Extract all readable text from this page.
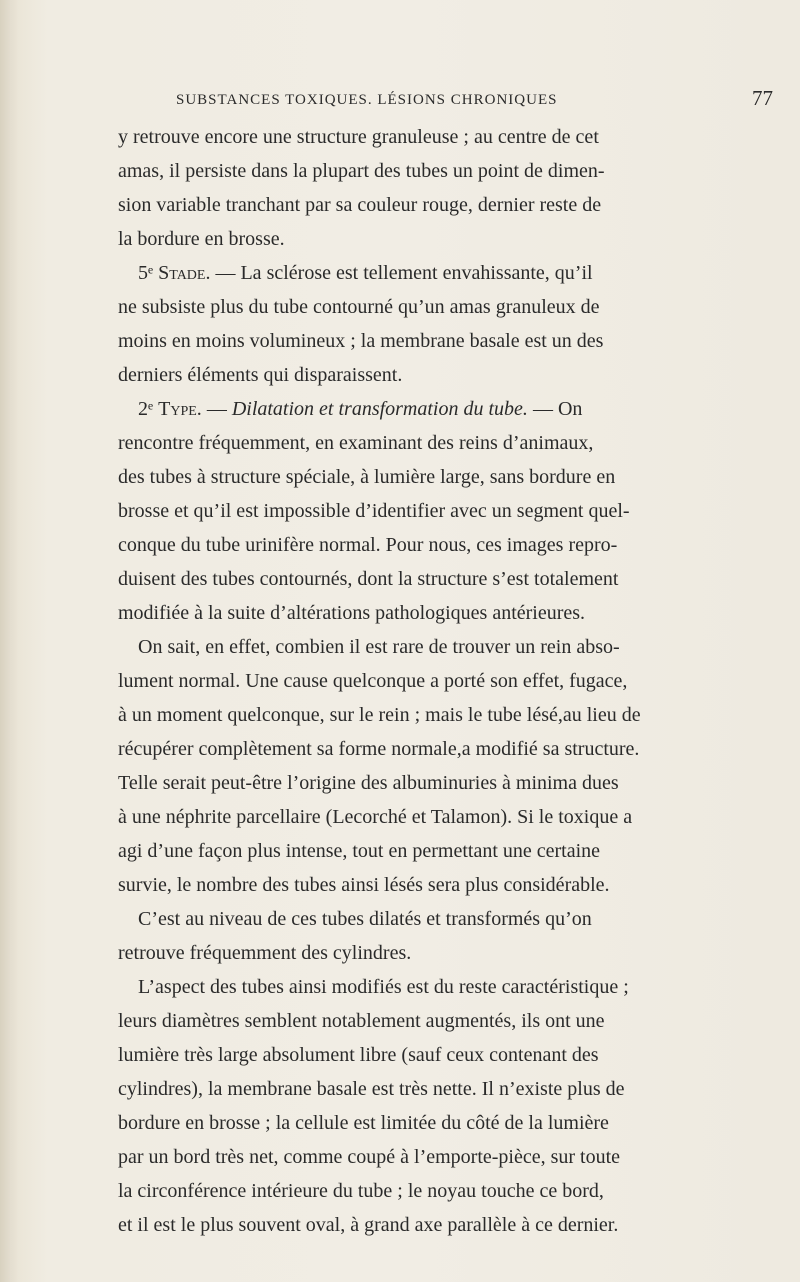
SUBSTANCES TOXIQUES. LÉSIONS CHRONIQUES	77
y retrouve encore une structure granuleuse ; au centre de cet
amas, il persiste dans la plupart des tubes un point de dimen-
sion variable tranchant par sa couleur rouge, dernier reste de
la bordure en brosse.
5ᵉ Stade. — La sclérose est tellement envahissante, qu’il
ne subsiste plus du tube contourné qu’un amas granuleux de
moins en moins volumineux ; la membrane basale est un des
derniers éléments qui disparaissent.
2ᵉ Type. — Dilatation et transformation du tube. — On
rencontre fréquemment, en examinant des reins d’animaux,
des tubes à structure spéciale, à lumière large, sans bordure en
brosse et qu’il est impossible d’identifier avec un segment quel-
conque du tube urinifère normal. Pour nous, ces images repro-
duisent des tubes contournés, dont la structure s’est totalement
modifiée à la suite d’altérations pathologiques antérieures.
On sait, en effet, combien il est rare de trouver un rein abso-
lument normal. Une cause quelconque a porté son effet, fugace,
à un moment quelconque, sur le rein ; mais le tube lésé,au lieu de
récupérer complètement sa forme normale,a modifié sa structure.
Telle serait peut-être l’origine des albuminuries à minima dues
à une néphrite parcellaire (Lecorché et Talamon). Si le toxique a
agi d’une façon plus intense, tout en permettant une certaine
survie, le nombre des tubes ainsi lésés sera plus considérable.
C’est au niveau de ces tubes dilatés et transformés qu’on
retrouve fréquemment des cylindres.
L’aspect des tubes ainsi modifiés est du reste caractéristique ;
leurs diamètres semblent notablement augmentés, ils ont une
lumière très large absolument libre (sauf ceux contenant des
cylindres), la membrane basale est très nette. Il n’existe plus de
bordure en brosse ; la cellule est limitée du côté de la lumière
par un bord très net, comme coupé à l’emporte-pièce, sur toute
la circonférence intérieure du tube ; le noyau touche ce bord,
et il est le plus souvent oval, à grand axe parallèle à ce dernier.
